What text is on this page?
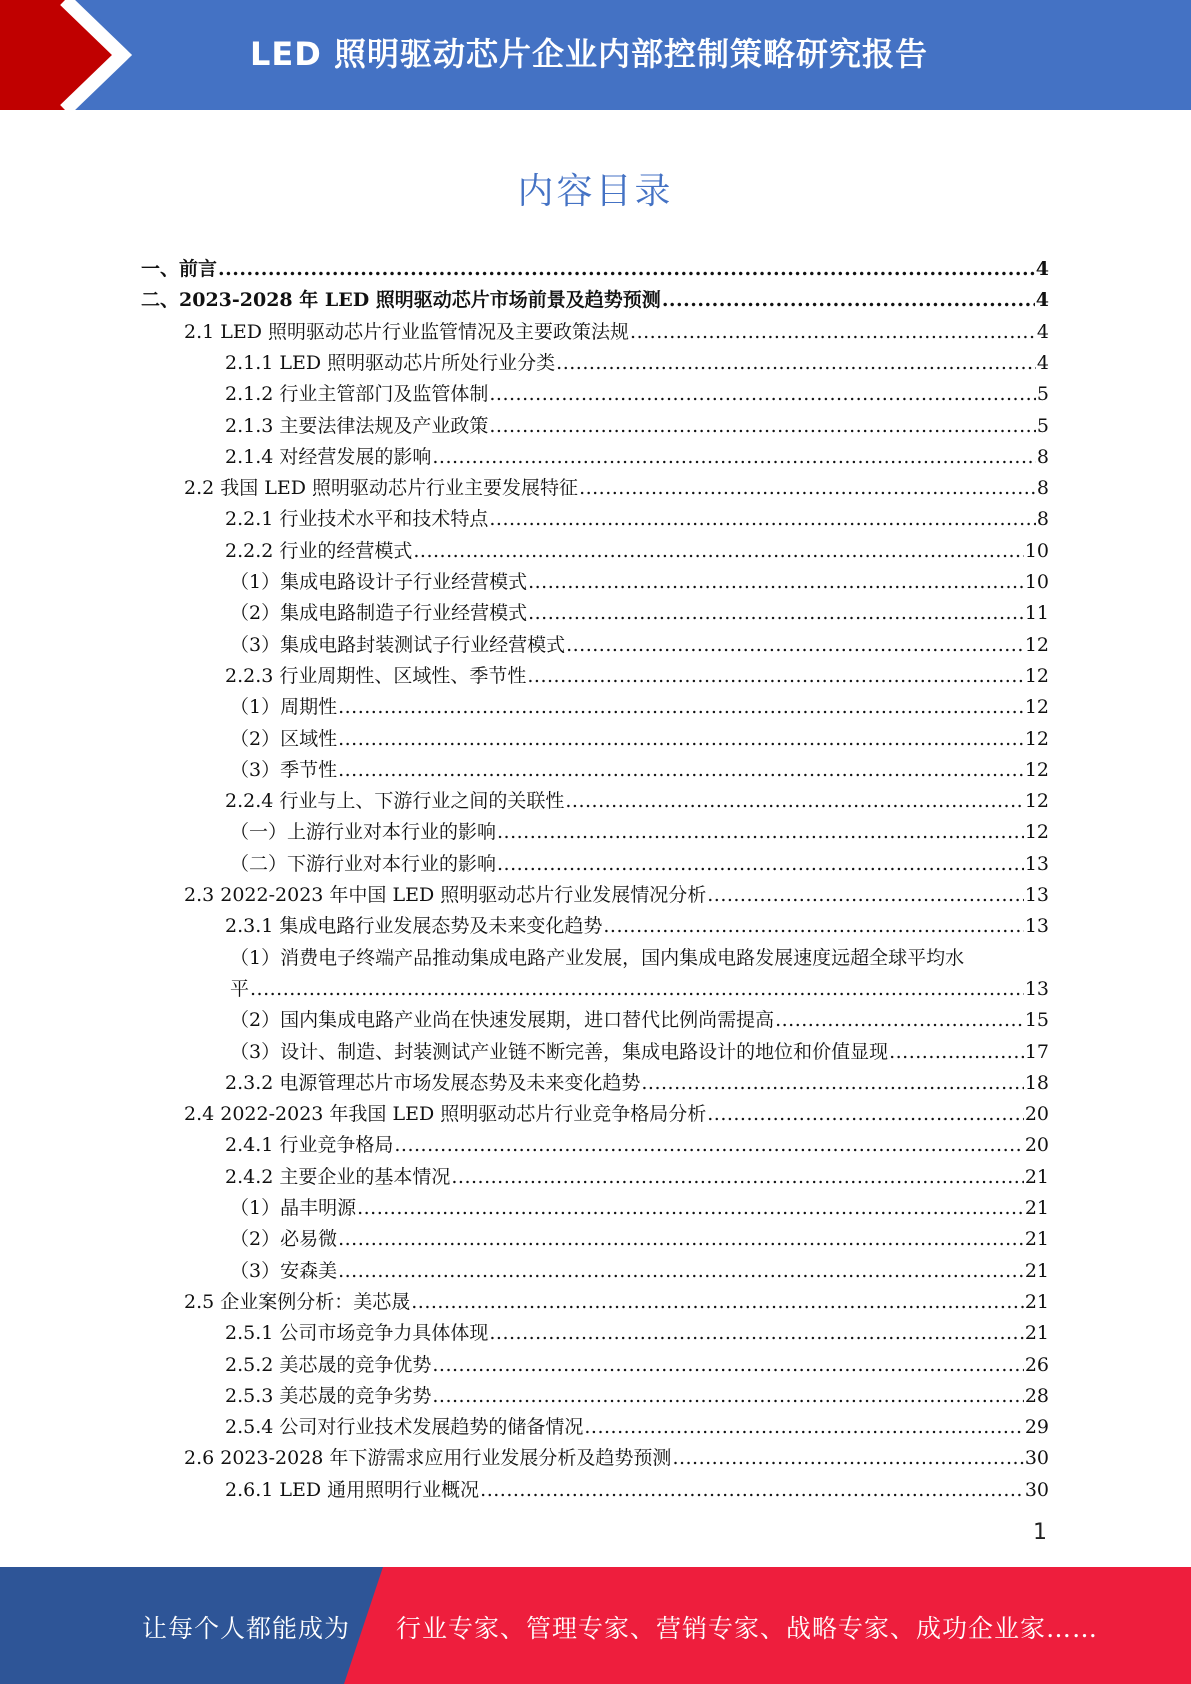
LED 照明驱动芯片企业内部控制策略研究报告
内容目录
一、前言 .....	4
二、2023-2028 年 LED 照明驱动芯片市场前景及趋势预测 .....	4
2.1 LED 照明驱动芯片行业监管情况及主要政策法规 .....	4
2.1.1 LED 照明驱动芯片所处行业分类 .....	4
2.1.2 行业主管部门及监管体制 .....	5
2.1.3 主要法律法规及产业政策 .....	5
2.1.4 对经营发展的影响 .....	8
2.2 我国 LED 照明驱动芯片行业主要发展特征 .....	8
2.2.1 行业技术水平和技术特点 .....	8
2.2.2 行业的经营模式 .....	10
（1）集成电路设计子行业经营模式 .....	10
（2）集成电路制造子行业经营模式 .....	11
（3）集成电路封装测试子行业经营模式 .....	12
2.2.3 行业周期性、区域性、季节性 .....	12
（1）周期性 .....	12
（2）区域性 .....	12
（3）季节性 .....	12
2.2.4 行业与上、下游行业之间的关联性 .....	12
（一）上游行业对本行业的影响 .....	12
（二）下游行业对本行业的影响 .....	13
2.3 2022-2023 年中国 LED 照明驱动芯片行业发展情况分析 .....	13
2.3.1 集成电路行业发展态势及未来变化趋势 .....	13
（1）消费电子终端产品推动集成电路产业发展，国内集成电路发展速度远超全球平均水
平 .....	13
（2）国内集成电路产业尚在快速发展期，进口替代比例尚需提高 .....	15
（3）设计、制造、封装测试产业链不断完善，集成电路设计的地位和价值显现 .....	17
2.3.2 电源管理芯片市场发展态势及未来变化趋势 .....	18
2.4 2022-2023 年我国 LED 照明驱动芯片行业竞争格局分析 .....	20
2.4.1 行业竞争格局 .....	20
2.4.2 主要企业的基本情况 .....	21
（1）晶丰明源 .....	21
（2）必易微 .....	21
（3）安森美 .....	21
2.5 企业案例分析：美芯晟 .....	21
2.5.1 公司市场竞争力具体体现 .....	21
2.5.2 美芯晟的竞争优势 .....	26
2.5.3 美芯晟的竞争劣势 .....	28
2.5.4 公司对行业技术发展趋势的储备情况 .....	29
2.6 2023-2028 年下游需求应用行业发展分析及趋势预测 .....	30
2.6.1 LED 通用照明行业概况 .....	30
1
让每个人都能成为 行业专家、管理专家、营销专家、战略专家、成功企业家……
